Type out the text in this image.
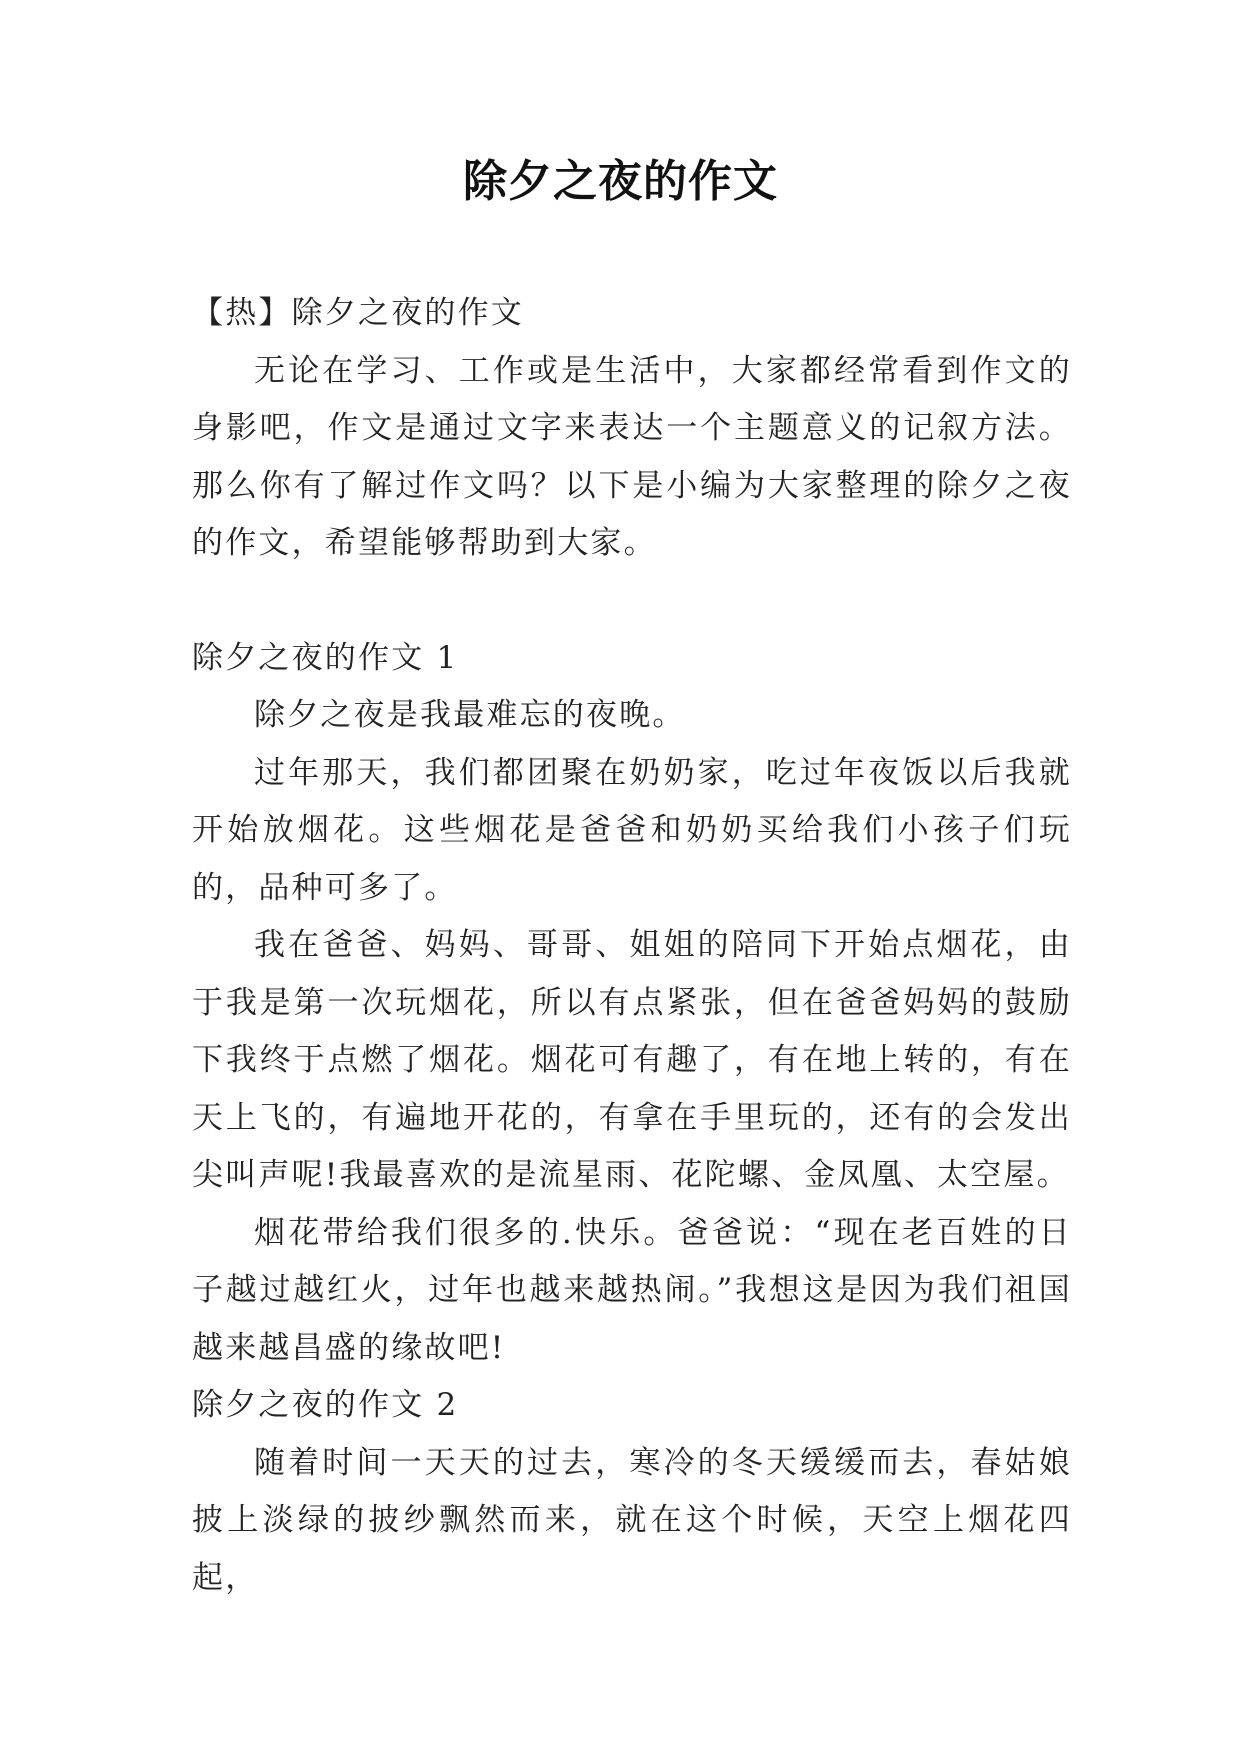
除夕之夜的作文

【热】除夕之夜的作文

无论在学习、工作或是生活中，大家都经常看到作文的身影吧，作文是通过文字来表达一个主题意义的记叙方法。那么你有了解过作文吗？以下是小编为大家整理的除夕之夜的作文，希望能够帮助到大家。

除夕之夜的作文 1

除夕之夜是我最难忘的夜晚。

过年那天，我们都团聚在奶奶家，吃过年夜饭以后我就开始放烟花。这些烟花是爸爸和奶奶买给我们小孩子们玩的，品种可多了。

我在爸爸、妈妈、哥哥、姐姐的陪同下开始点烟花，由于我是第一次玩烟花，所以有点紧张，但在爸爸妈妈的鼓励下我终于点燃了烟花。烟花可有趣了，有在地上转的，有在天上飞的，有遍地开花的，有拿在手里玩的，还有的会发出尖叫声呢!我最喜欢的是流星雨、花陀螺、金凤凰、太空屋。

烟花带给我们很多的.快乐。爸爸说：“现在老百姓的日子越过越红火，过年也越来越热闹。”我想这是因为我们祖国越来越昌盛的缘故吧!

除夕之夜的作文 2

随着时间一天天的过去，寒冷的冬天缓缓而去，春姑娘披上淡绿的披纱飘然而来，就在这个时候，天空上烟花四起，
